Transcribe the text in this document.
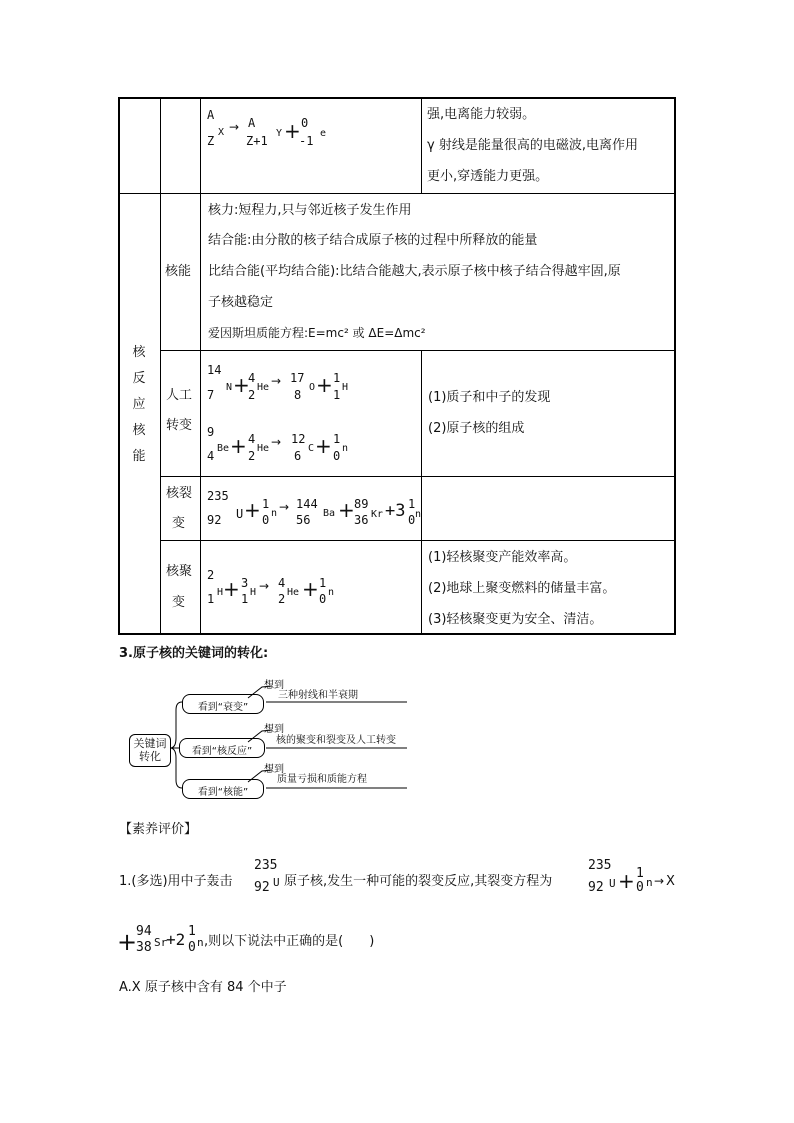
A
Z
X → A
Z+1
Y + 0
-1
e
强,电离能力较弱。
γ 射线是能量很高的电磁波,电离作用
更小,穿透能力更强。
核
反
应
核
能
核能
核力:短程力,只与邻近核子发生作用
结合能:由分散的核子结合成原子核的过程中所释放的能量
比结合能(平均结合能):比结合能越大,表示原子核中核子结合得越牢固,原
子核越稳定
爱因斯坦质能方程:E=mc² 或 ΔE=Δmc²
人工
转变
14
7
N +
4
2
He → 17
8
O + 1
1
H
9
4
Be + 4
2
He → 12
6
C + 1
0
n
(1)质子和中子的发现
(2)原子核的组成
核裂
变
235
92 U + 1
0 n → 144
56 Ba + 89
36 Kr +3 1
0 n
核聚
变
2
1 H + 3
1 H → 4
2 He + 1
0 n
(1)轻核聚变产能效率高。
(2)地球上聚变燃料的储量丰富。
(3)轻核聚变更为安全、清洁。
3.原子核的关键词的转化:
关键词
转化
看到“衰变”
看到“核反应”
看到“核能”
想到
想到
想到
三种射线和半衰期
核的聚变和裂变及人工转变
质量亏损和质能方程
【素养评价】
1.(多选)用中子轰击
235
92 U 原子核,发生一种可能的裂变反应,其裂变方程为
235
92 U + 1
0 n → X
+
94
38 Sr
+2 1
0 n ,则以下说法中正确的是(　　)
A.X 原子核中含有 84 个中子
